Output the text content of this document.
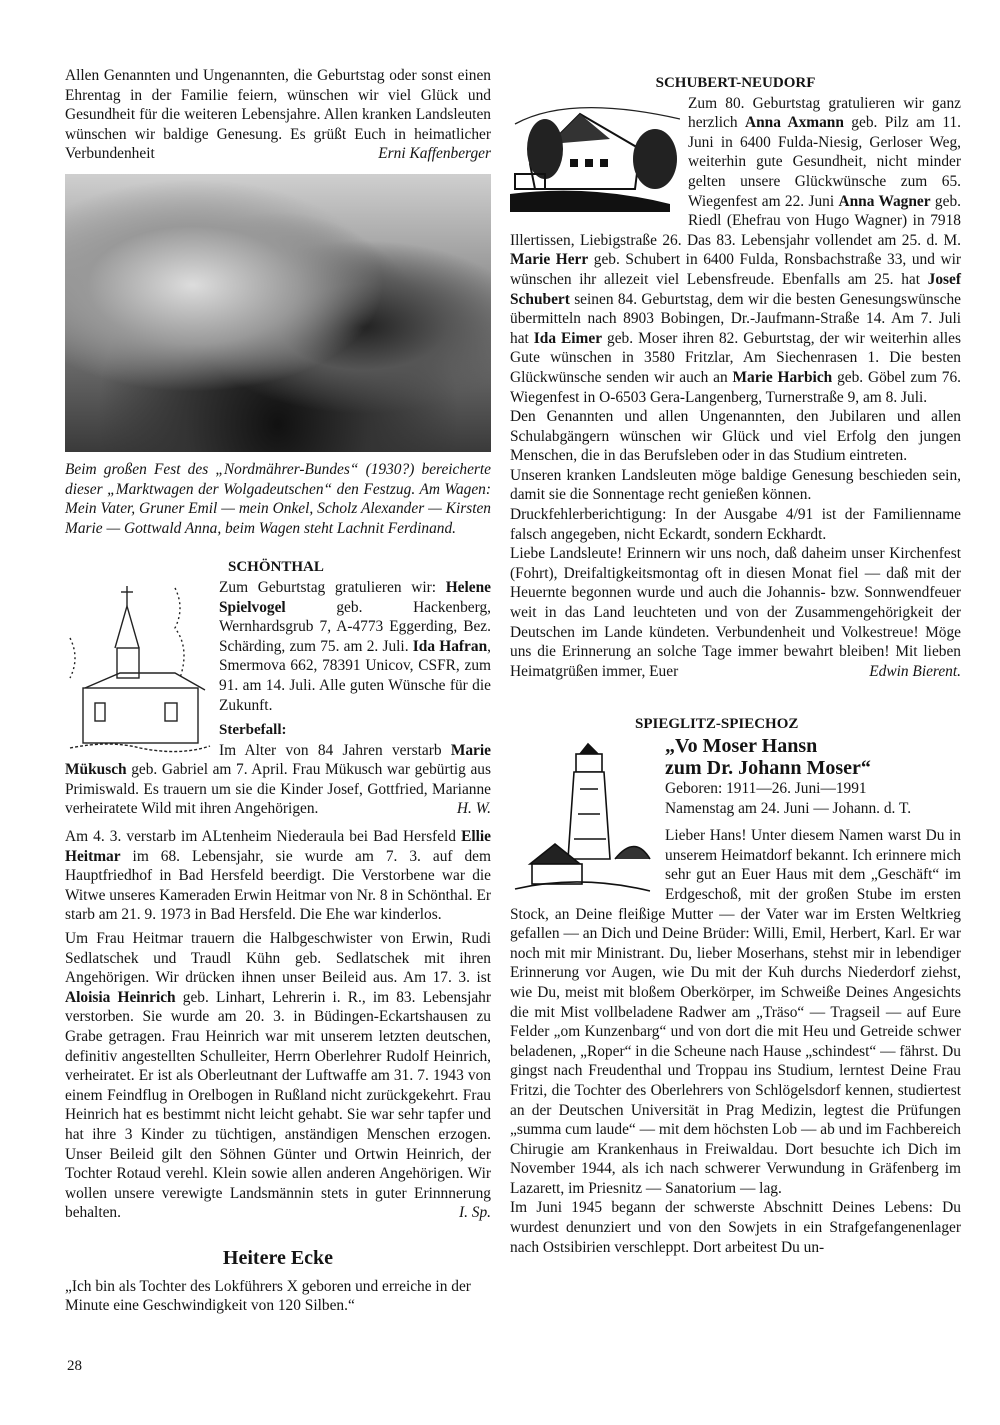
Allen Genannten und Ungenannten, die Geburtstag oder sonst einen Ehrentag in der Familie feiern, wünschen wir viel Glück und Gesundheit für die weiteren Lebensjahre. Allen kranken Landsleuten wünschen wir baldige Genesung. Es grüßt Euch in heimatlicher Verbundenheit	Erni Kaffenberger
Beim großen Fest des „Nordmährer-Bundes“ (1930?) bereicherte dieser „Marktwagen der Wolgadeutschen“ den Festzug. Am Wagen: Mein Vater, Gruner Emil — mein Onkel, Scholz Alexander — Kirsten Marie — Gottwald Anna, beim Wagen steht Lachnit Ferdinand.
SCHÖNTHAL

Zum Geburtstag gratulieren wir: Helene Spielvogel geb. Hackenberg, Wernhardsgrub 7, A-4773 Eggerding, Bez. Schärding, zum 75. am 2. Juli. Ida Hafran, Smermova 662, 78391 Unicov, CSFR, zum 91. am 14. Juli. Alle guten Wünsche für die Zukunft.

Sterbefall:

Im Alter von 84 Jahren verstarb Marie Mükusch geb. Gabriel am 7. April. Frau Mükusch war gebürtig aus Primiswald. Es trauern um sie die Kinder Josef, Gottfried, Marianne verheiratete Wild mit ihren Angehörigen.	H. W.

Am 4. 3. verstarb im ALtenheim Niederaula bei Bad Hersfeld Ellie Heitmar im 68. Lebensjahr, sie wurde am 7. 3. auf dem Hauptfriedhof in Bad Hersfeld beerdigt. Die Verstorbene war die Witwe unseres Kameraden Erwin Heitmar von Nr. 8 in Schönthal. Er starb am 21. 9. 1973 in Bad Hersfeld. Die Ehe war kinderlos.

Um Frau Heitmar trauern die Halbgeschwister von Erwin, Rudi Sedlatschek und Traudl Kühn geb. Sedlatschek mit ihren Angehörigen. Wir drücken ihnen unser Beileid aus. Am 17. 3. ist Aloisia Heinrich geb. Linhart, Lehrerin i. R., im 83. Lebensjahr verstorben. Sie wurde am 20. 3. in Büdingen-Eckartshausen zu Grabe getragen. Frau Heinrich war mit unserem letzten deutschen, definitiv angestellten Schulleiter, Herrn Oberlehrer Rudolf Heinrich, verheiratet. Er ist als Oberleutnant der Luftwaffe am 31. 7. 1943 von einem Feindflug in Orelbogen in Rußland nicht zurückgekehrt. Frau Heinrich hat es bestimmt nicht leicht gehabt. Sie war sehr tapfer und hat ihre 3 Kinder zu tüchtigen, anständigen Menschen erzogen. Unser Beileid gilt den Söhnen Günter und Ortwin Heinrich, der Tochter Rotaud verehl. Klein sowie allen anderen Angehörigen. Wir wollen unsere verewigte Landsmännin stets in guter Erinnnerung behalten.	I. Sp.
Heitere Ecke

„Ich bin als Tochter des Lokführers X geboren und erreiche in der Minute eine Geschwindigkeit von 120 Silben.“

SCHUBERT-NEUDORF

Zum 80. Geburtstag gratulieren wir ganz herzlich Anna Axmann geb. Pilz am 11. Juni in 6400 Fulda-Niesig, Gerloser Weg, weiterhin gute Gesundheit, nicht minder gelten unsere Glückwünsche zum 65. Wiegenfest am 22. Juni Anna Wagner geb. Riedl (Ehefrau von Hugo Wagner) in 7918 Illertissen, Liebigstraße 26. Das 83. Lebensjahr vollendet am 25. d. M. Marie Herr geb. Schubert in 6400 Fulda, Ronsbachstraße 33, und wir wünschen ihr allezeit viel Lebensfreude. Ebenfalls am 25. hat Josef Schubert seinen 84. Geburtstag, dem wir die besten Genesungswünsche übermitteln nach 8903 Bobingen, Dr.-Jaufmann-Straße 14. Am 7. Juli hat Ida Eimer geb. Moser ihren 82. Geburtstag, der wir weiterhin alles Gute wünschen in 3580 Fritzlar, Am Siechenrasen 1. Die besten Glückwünsche senden wir auch an Marie Harbich geb. Göbel zum 76. Wiegenfest in O-6503 Gera-Langenberg, Turnerstraße 9, am 8. Juli.

Den Genannten und allen Ungenannten, den Jubilaren und allen Schulabgängern wünschen wir Glück und viel Erfolg den jungen Menschen, die in das Berufsleben oder in das Studium eintreten.

Unseren kranken Landsleuten möge baldige Genesung beschieden sein, damit sie die Sonnentage recht genießen können.

Druckfehlerberichtigung: In der Ausgabe 4/91 ist der Familienname falsch angegeben, nicht Eckardt, sondern Eckhardt.

Liebe Landsleute! Erinnern wir uns noch, daß daheim unser Kirchenfest (Fohrt), Dreifaltigkeitsmontag oft in diesen Monat fiel — daß mit der Heuernte begonnen wurde und auch die Johannis- bzw. Sonnwendfeuer weit in das Land leuchteten und von der Zusammengehörigkeit der Deutschen im Lande kündeten. Verbundenheit und Volkestreue! Möge uns die Erinnerung an solche Tage immer bewahrt bleiben! Mit lieben Heimatgrüßen immer, Euer	Edwin Bierent.
SPIEGLITZ-SPIECHOZ
„Vo Moser Hansn
zum Dr. Johann Moser“
Geboren: 1911—26. Juni—1991
Namenstag am 24. Juni — Johann. d. T.

Lieber Hans! Unter diesem Namen warst Du in unserem Heimatdorf bekannt. Ich erinnere mich sehr gut an Euer Haus mit dem „Geschäft“ im Erdgeschoß, mit der großen Stube im ersten Stock, an Deine fleißige Mutter — der Vater war im Ersten Weltkrieg gefallen — an Dich und Deine Brüder: Willi, Emil, Herbert, Karl. Er war noch mit mir Ministrant. Du, lieber Moserhans, stehst mir in lebendiger Erinnerung vor Augen, wie Du mit der Kuh durchs Niederdorf ziehst, wie Du, meist mit bloßem Oberkörper, im Schweiße Deines Angesichts die mit Mist vollbeladene Radwer am „Träso“ — Tragseil — auf Eure Felder „om Kunzenbarg“ und von dort die mit Heu und Getreide schwer beladenen, „Roper“ in die Scheune nach Hause „schindest“ — fährst. Du gingst nach Freudenthal und Troppau ins Studium, lerntest Deine Frau Fritzi, die Tochter des Oberlehrers von Schlögelsdorf kennen, studiertest an der Deutschen Universität in Prag Medizin, legtest die Prüfungen „summa cum laude“ — mit dem höchsten Lob — ab und im Fachbereich Chirugie am Krankenhaus in Freiwaldau. Dort besuchte ich Dich im November 1944, als ich nach schwerer Verwundung in Gräfenberg im Lazarett, im Priesnitz — Sanatorium — lag.

Im Juni 1945 begann der schwerste Abschnitt Deines Lebens: Du wurdest denunziert und von den Sowjets in ein Strafgefangenenlager nach Ostsibirien verschleppt. Dort arbeitest Du un-

28
